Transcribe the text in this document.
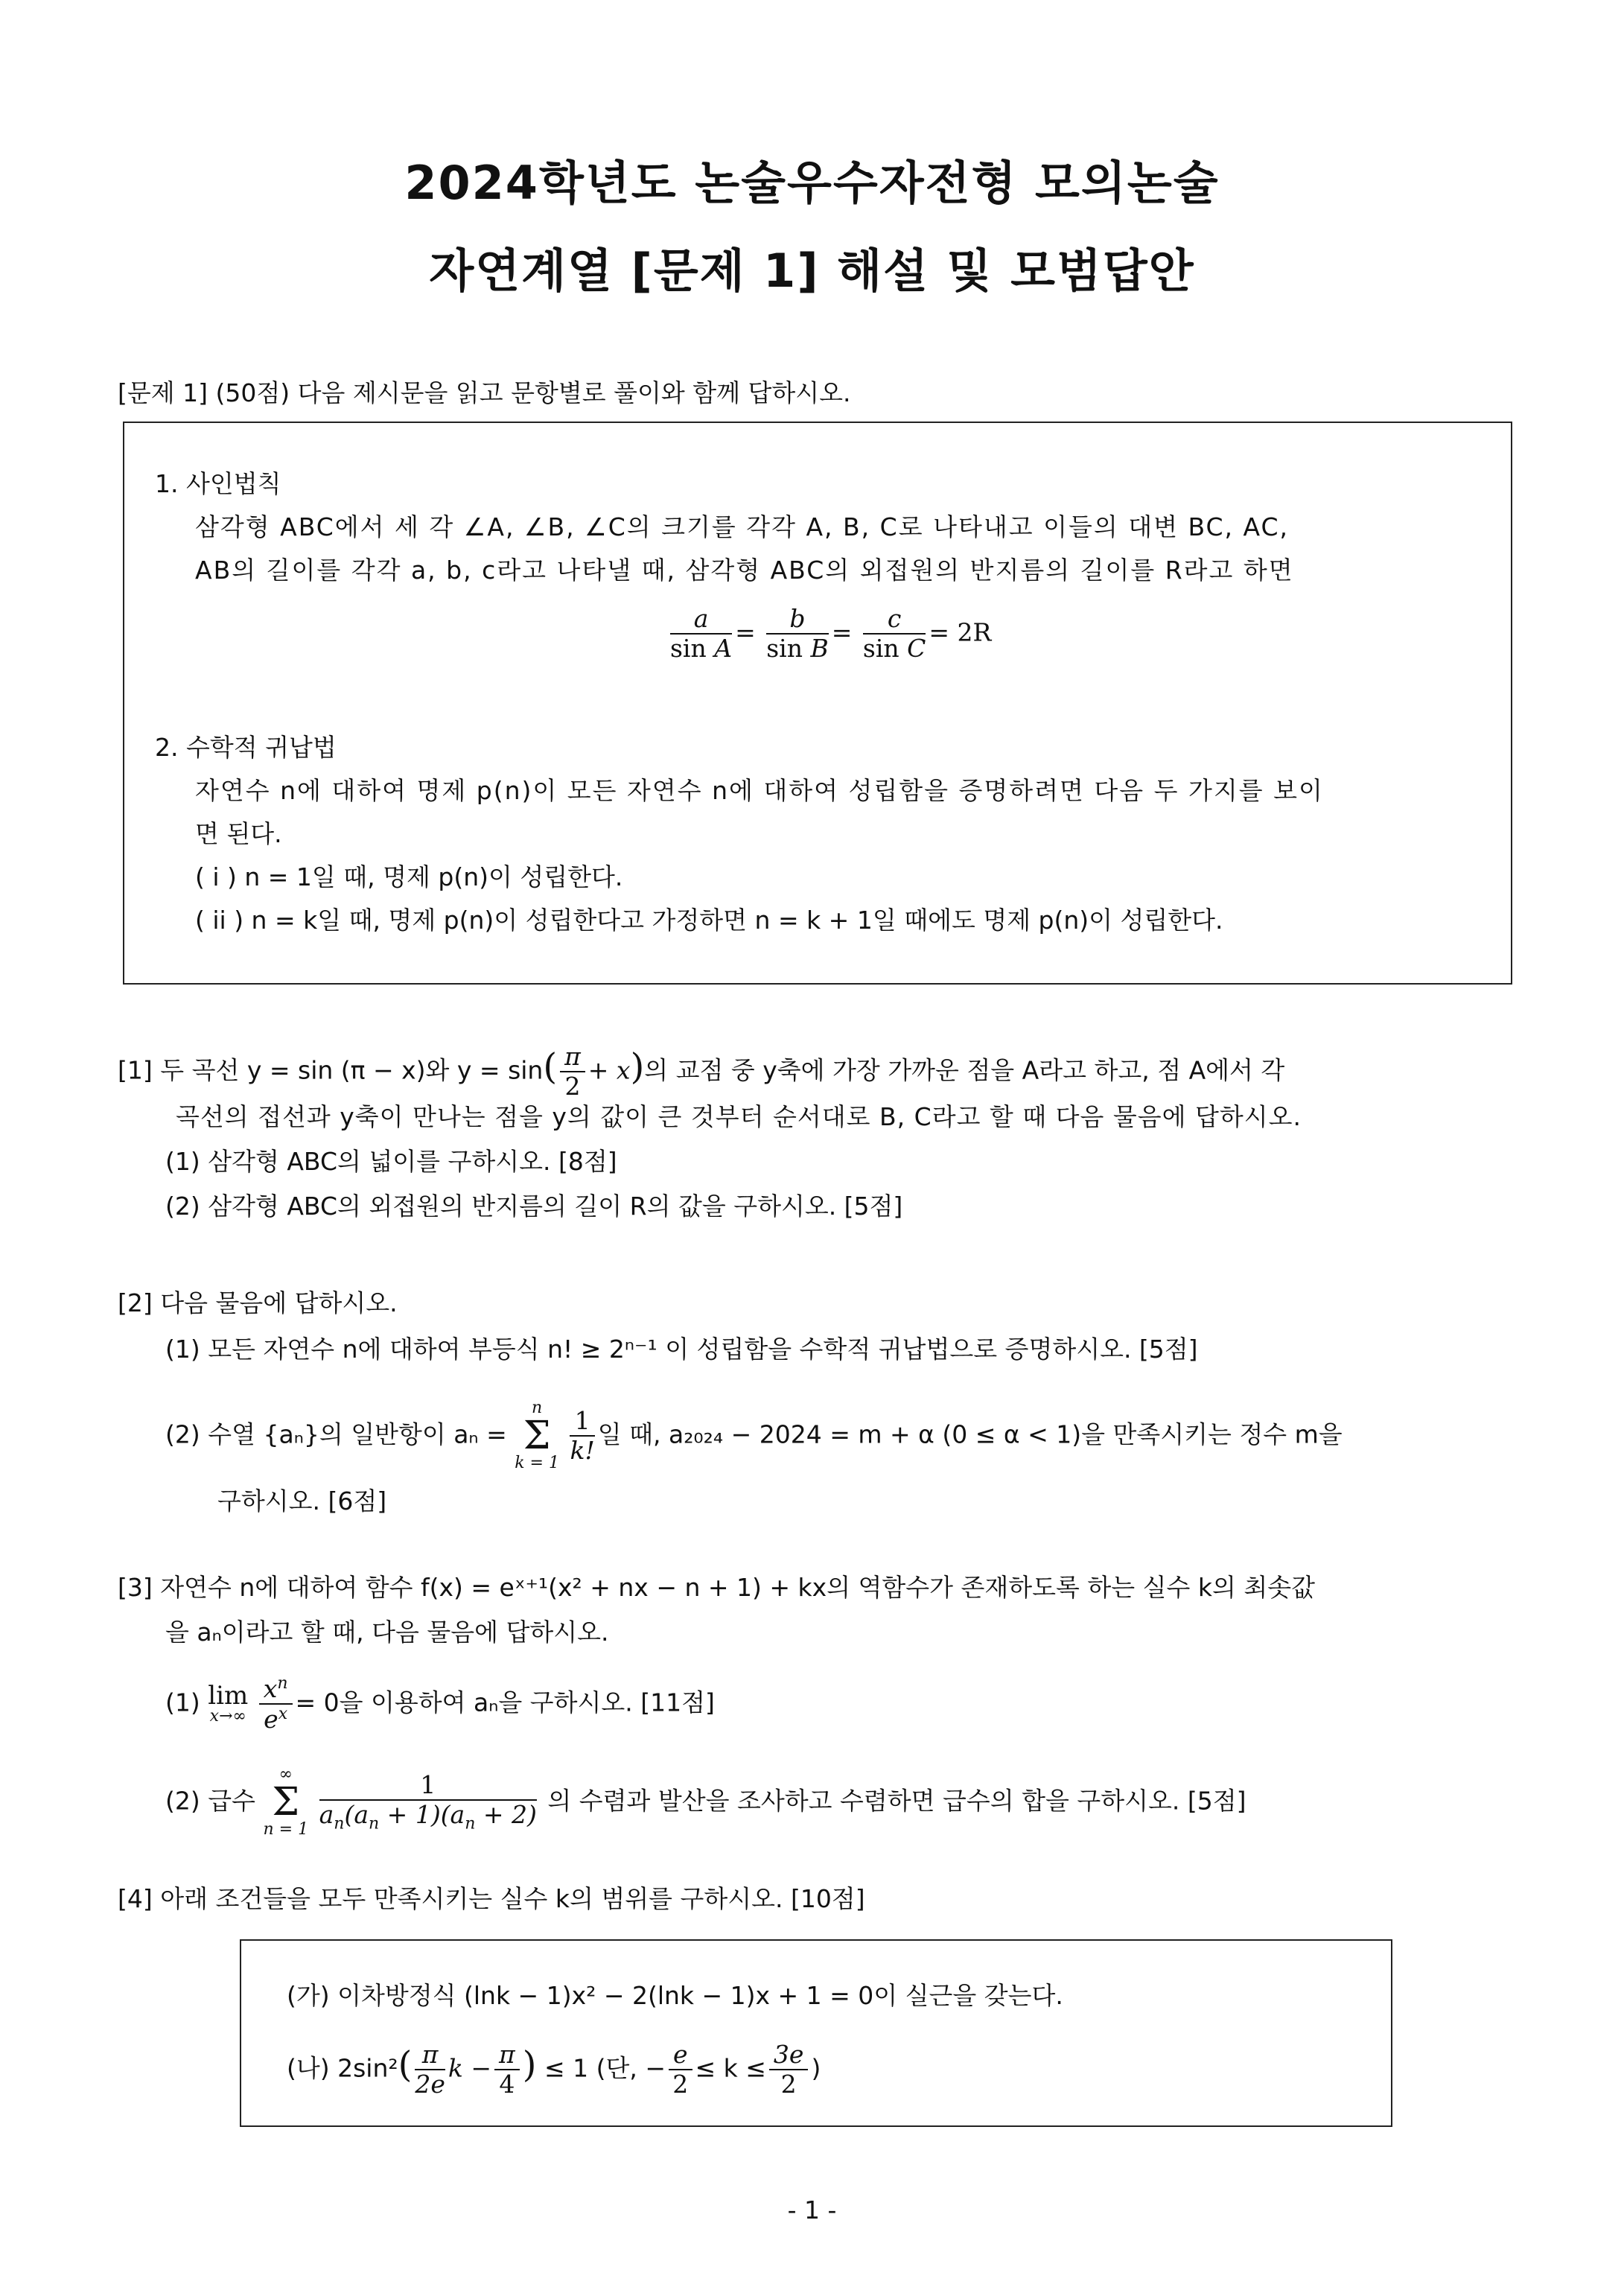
2024학년도 논술우수자전형 모의논술
자연계열 [문제 1] 해설 및 모범답안
[문제 1] (50점) 다음 제시문을 읽고 문항별로 풀이와 함께 답하시오.
1. 사인법칙
삼각형 ABC에서 세 각 ∠A, ∠B, ∠C의 크기를 각각 A, B, C로 나타내고 이들의 대변 BC, AC,
AB의 길이를 각각 a, b, c라고 나타낼 때, 삼각형 ABC의 외접원의 반지름의 길이를 R라고 하면
$\frac{a}{\text{sin A}} = \frac{b}{\text{sin B}} = \frac{c}{\text{sin C}} = 2R$
2. 수학적 귀납법
자연수 n에 대하여 명제 p(n)이 모든 자연수 n에 대하여 성립함을 증명하려면 다음 두 가지를 보이
면 된다.
( i ) n = 1일 때, 명제 p(n)이 성립한다.
( ii ) n = k일 때, 명제 p(n)이 성립한다고 가정하면 n = k + 1일 때에도 명제 p(n)이 성립한다.
[1] 두 곡선 y = sin (π − x)와 $y = \sin( \frac{\pi}{2} + x)$의 교점 중 y축에 가장 가까운 점을 A라고 하고, 점 A에서 각
곡선의 접선과 y축이 만나는 점을 y의 값이 큰 것부터 순서대로 B, C라고 할 때 다음 물음에 답하시오.
(1) 삼각형 ABC의 넓이를 구하시오. [8점]
(2) 삼각형 ABC의 외접원의 반지름의 길이 R의 값을 구하시오. [5점]
[2] 다음 물음에 답하시오.
(1) 모든 자연수 n에 대하여 부등식 n! ≥ 2ⁿ⁻¹ 이 성립함을 수학적 귀납법으로 증명하시오. [5점]
(2) 수열 {aₙ}의 일반항이 aₙ =
n
Σ
k = 1
$\frac{1}{k!}$ 일 때, a₂₀₂₄ − 2024 = m + α (0 ≤ α < 1)을 만족시키는 정수 m을
구하시오. [6점]
[3] 자연수 n에 대하여 함수 f(x) = eˣ⁺¹(x² + nx − n + 1) + kx의 역함수가 존재하도록 하는 실수 k의 최솟값
을 aₙ이라고 할 때, 다음 물음에 답하시오.
(1) lim
x→∞
$\frac{x^n}{e^x} = 0$을 이용하여 aₙ을 구하시오. [11점]
(2) 급수
∞
Σ
n = 1
$\frac{1}{a_n(a_n + 1)(a_n + 2)}$ 의 수렴과 발산을 조사하고 수렴하면 급수의 합을 구하시오. [5점]
[4] 아래 조건들을 모두 만족시키는 실수 k의 범위를 구하시오. [10점]
(가) 이차방정식 (lnk − 1)x² − 2(lnk − 1)x + 1 = 0이 실근을 갖는다.
(나) $2\sin^2( \frac{\pi}{2e}$ $k - \frac{\pi}{4}$ ) ≤ 1 (단, − $\frac{e}{2} \le k \le \frac{3e}{2}$ )
- 1 -
